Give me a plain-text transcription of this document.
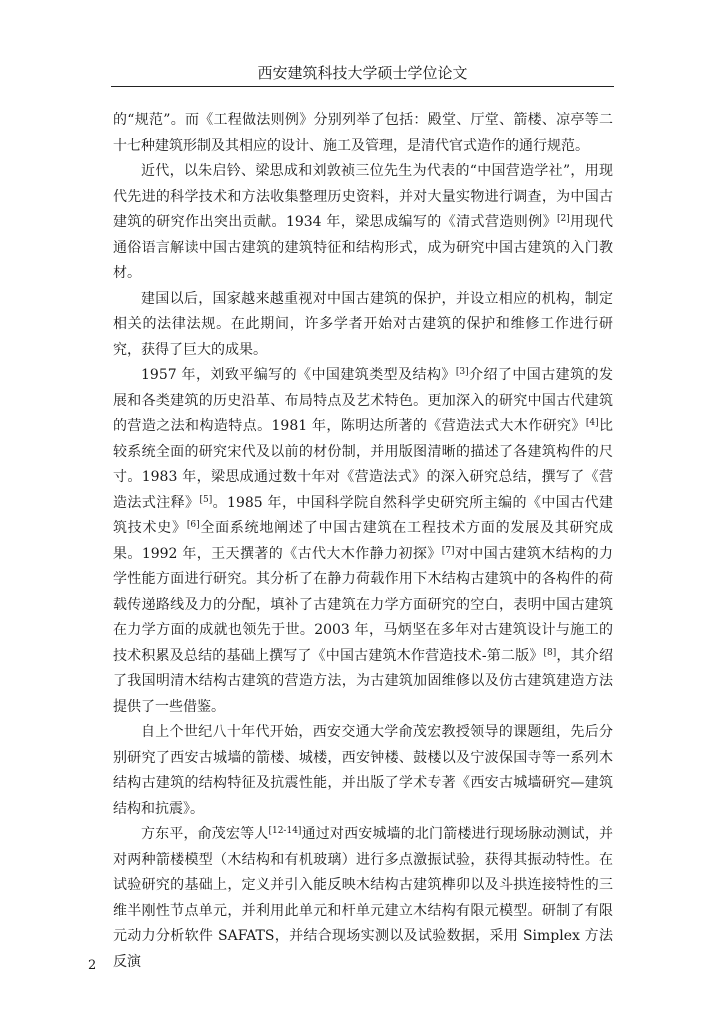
西安建筑科技大学硕士学位论文

的“规范”。而《工程做法则例》分别列举了包括：殿堂、厅堂、箭楼、凉亭等二十七种建筑形制及其相应的设计、施工及管理，是清代官式造作的通行规范。

近代，以朱启钤、梁思成和刘敦祯三位先生为代表的“中国营造学社”，用现代先进的科学技术和方法收集整理历史资料，并对大量实物进行调查，为中国古建筑的研究作出突出贡献。1934 年，梁思成编写的《清式营造则例》[2]用现代通俗语言解读中国古建筑的建筑特征和结构形式，成为研究中国古建筑的入门教材。

建国以后，国家越来越重视对中国古建筑的保护，并设立相应的机构，制定相关的法律法规。在此期间，许多学者开始对古建筑的保护和维修工作进行研究，获得了巨大的成果。

1957 年，刘致平编写的《中国建筑类型及结构》[3]介绍了中国古建筑的发展和各类建筑的历史沿革、布局特点及艺术特色。更加深入的研究中国古代建筑的营造之法和构造特点。1981 年，陈明达所著的《营造法式大木作研究》[4]比较系统全面的研究宋代及以前的材份制，并用版图清晰的描述了各建筑构件的尺寸。1983 年，梁思成通过数十年对《营造法式》的深入研究总结，撰写了《营造法式注释》[5]。1985 年，中国科学院自然科学史研究所主编的《中国古代建筑技术史》[6]全面系统地阐述了中国古建筑在工程技术方面的发展及其研究成果。1992 年，王天撰著的《古代大木作静力初探》[7]对中国古建筑木结构的力学性能方面进行研究。其分析了在静力荷载作用下木结构古建筑中的各构件的荷载传递路线及力的分配，填补了古建筑在力学方面研究的空白，表明中国古建筑在力学方面的成就也领先于世。2003 年，马炳坚在多年对古建筑设计与施工的技术积累及总结的基础上撰写了《中国古建筑木作营造技术-第二版》[8]，其介绍了我国明清木结构古建筑的营造方法，为古建筑加固维修以及仿古建筑建造方法提供了一些借鉴。

自上个世纪八十年代开始，西安交通大学俞茂宏教授领导的课题组，先后分别研究了西安古城墙的箭楼、城楼，西安钟楼、鼓楼以及宁波保国寺等一系列木结构古建筑的结构特征及抗震性能，并出版了学术专著《西安古城墙研究—建筑结构和抗震》。

方东平，俞茂宏等人[12-14]通过对西安城墙的北门箭楼进行现场脉动测试，并对两种箭楼模型（木结构和有机玻璃）进行多点激振试验，获得其振动特性。在试验研究的基础上，定义并引入能反映木结构古建筑榫卯以及斗拱连接特性的三维半刚性节点单元，并利用此单元和杆单元建立木结构有限元模型。研制了有限元动力分析软件 SAFATS，并结合现场实测以及试验数据，采用 Simplex 方法反演

2
